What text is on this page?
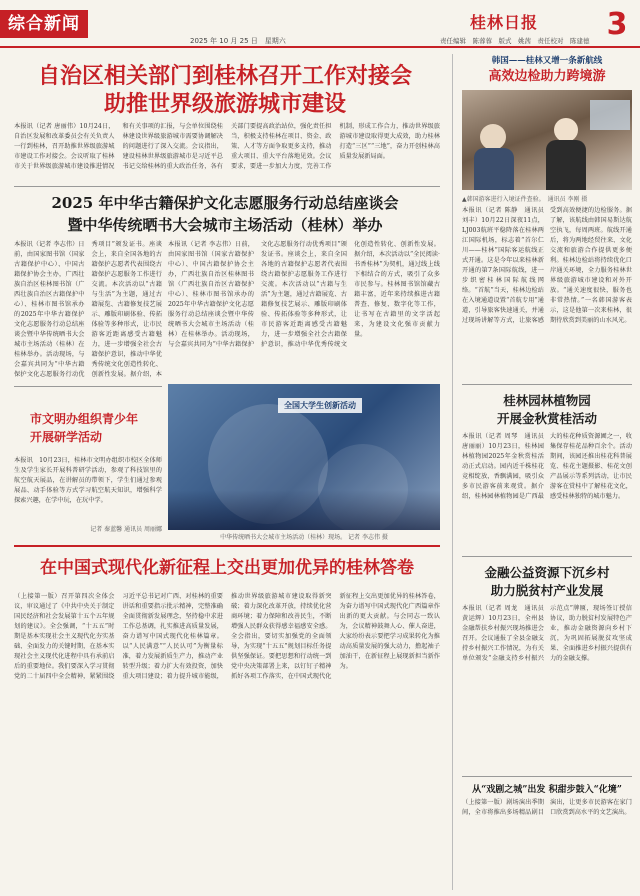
综合新闻
2025 年 10 月 25 日　星期六
桂林日报 3
责任编辑　陈蓉蓉　版式　姚茜　责任校对　陈建德
自治区相关部门到桂林召开工作对接会
助推世界级旅游城市建设
本报讯（记者 唐丽伟）10月24日，自治区发展和改革委员会有关负责人一行到桂林，召开助推世界级旅游城市建设工作对接会。会议听取了桂林市关于世界级旅游城市建设推进情况和有关事项的汇报，与会单位围绕桂林建设世界级旅游城市需要协调解决的问题进行了深入交流。会议指出，建设桂林世界级旅游城市是习近平总书记交给桂林的重大政治任务，各有关部门要提高政治站位，强化责任担当，积极支持桂林在项目、资金、政策、人才等方面争取更多支持，推动重大项目、重大平台落地见效。会议要求，要进一步加大力度，完善工作机制，形成工作合力，推动世界级旅游城市建设取得更大成效，助力桂林打造“三区”“三地”，奋力开创桂林高质量发展新局面。
2025 年中华古籍保护文化志愿服务行动总结座谈会
暨中华传统晒书大会城市主场活动（桂林）举办
本报讯（记者 李志伟）日前，由国家图书馆（国家古籍保护中心）、中国古籍保护协会主办，广西壮族自治区桂林图书馆（广西壮族自治区古籍保护中心）、桂林市图书馆承办的2025年中华古籍保护文化志愿服务行动总结座谈会暨中华传统晒书大会城市主场活动（桂林）在桂林举办。活动现场，与会嘉宾共同为“中华古籍保护文化志愿服务行动优秀项目”颁发证书。座谈会上，来自全国各地的古籍保护志愿者代表围绕古籍保护志愿服务工作进行交流。本次活动以“古籍与生活”为主题，通过古籍展览、古籍修复技艺展示、雕版印刷体验、传拓体验等多种形式，让市民游客近距离感受古籍魅力，进一步增强全社会古籍保护意识，推动中华优秀传统文化创造性转化、创新性发展。据介绍，本
本报讯（记者 李志伟）日前，由国家图书馆（国家古籍保护中心）、中国古籍保护协会主办，广西壮族自治区桂林图书馆（广西壮族自治区古籍保护中心）、桂林市图书馆承办的2025年中华古籍保护文化志愿服务行动总结座谈会暨中华传统晒书大会城市主场活动（桂林）在桂林举办。活动现场，与会嘉宾共同为“中华古籍保护文化志愿服务行动优秀项目”颁发证书。座谈会上，来自全国各地的古籍保护志愿者代表围绕古籍保护志愿服务工作进行交流。本次活动以“古籍与生活”为主题，通过古籍展览、古籍修复技艺展示、雕版印刷体验、传拓体验等多种形式，让市民游客近距离感受古籍魅力，进一步增强全社会古籍保护意识，推动中华优秀传统文化创造性转化、创新性发展。据介绍，本次活动以“全民阅读·书香桂林”为契机，通过线上线下相结合的方式，吸引了众多市民参与。桂林图书馆馆藏古籍丰富，近年来持续推进古籍普查、修复、数字化等工作，让书写在古籍里的文字活起来，为建设文化强市贡献力量。
全国大学生创新活动
中华传统晒书大会城市主场活动（桂林）现场。 记者 李志伟 摄
市文明办组织青少年
开展研学活动
本报讯　10月23日，桂林市文明办组织市校区全体师生及学生家长开展科普研学活动，参观了科技馆里的航空航天展品，在讲解员的带领下，学生们通过参观展品、动手体验等方式学习航空航天知识，增强科学探索兴趣，在学中玩，在玩中学。
记者 秦蓝馨 通讯员 周丽娜
在中国式现代化新征程上交出更加优异的桂林答卷
（上接第一版）召开第四次全体会议，审议通过了《中共中央关于制定国民经济和社会发展第十五个五年规划的建议》。全会强调，“十五五”时期是基本实现社会主义现代化夯实基础、全面发力的关键时期，在基本实现社会主义现代化进程中具有承前启后的重要地位。我们要深入学习贯彻党的二十届四中全会精神，紧紧围绕习近平总书记对广西、对桂林的重要讲话和重要指示批示精神，完整准确全面贯彻新发展理念，坚持稳中求进工作总基调，扎实推进高质量发展，奋力谱写中国式现代化桂林篇章。以“人民满意”“人民认可”为衡量标准，着力发展新质生产力，推动产业转型升级；着力扩大有效投资，加快重大项目建设；着力提升城市能级，推动世界级旅游城市建设取得新突破；着力深化改革开放，持续优化营商环境；着力保障和改善民生，不断增强人民群众获得感幸福感安全感。全会指出，要切实加强党的全面领导，为实现“十五五”规划目标任务提供坚强保证。要把思想和行动统一到党中央决策部署上来，以钉钉子精神抓好各项工作落实，在中国式现代化新征程上交出更加优异的桂林答卷，为奋力谱写中国式现代化广西篇章作出新的更大贡献。与会同志一致认为，会议精神鼓舞人心、催人奋进，大家纷纷表示要把学习成果转化为推动高质量发展的强大动力，撸起袖子加油干，在新征程上展现新担当新作为。
韩国——桂林又增一条新航线
高效边检助力跨境游
▲韩国游客进行入境证件查验。　通讯员 李刚 摄
本报讯（记者 陈静　通讯员 刘丰）10月22日深夜11点，LJ003航班平稳降落在桂林两江国际机场，标志着“首尔仁川——桂林”国际客运航线正式开通。这是今年以来桂林新开通的第7条国际航线，进一步织密桂林国际航线网络。“首航”当天，桂林边检站在入境通道设置“首航专用”通道，引导旅客快速通关，并通过现场讲解等方式，让旅客感受到高效便捷的边检服务。据了解，该航线由韩国易斯达航空执飞，每周两班。航线开通后，将为两地经贸往来、文化交流和旅游合作提供更多便利。桂林边检站将持续优化口岸通关环境，全力服务桂林世界级旅游城市建设和对外开放。“通关速度很快，服务也非常热情。”一名韩国游客表示，这是他第一次来桂林，很期待欣赏到美丽的山水风光。
桂林园林植物园
开展金秋赏桂活动
本报讯（记者 周琴　通讯员 唐丽丽）10月23日，桂林园林植物园2025年金秋赏桂活动正式启动。园内近千株桂花竞相绽放，香飘满园，吸引众多市民游客前来观赏。据介绍，桂林园林植物园是广西最大的桂花种质资源圃之一，收集保存桂花品种百余个。活动期间，该园还推出桂花科普展览、桂花主题摄影、桂花文创产品展示等系列活动，让市民游客在赏桂中了解桂花文化，感受桂林独特的城市魅力。
金融公益资源下沉乡村
助力脱贫村产业发展
本报讯（记者 周龙　通讯员 黄运辉）10月23日，全州县金融帮扶乡村振兴现场推进会召开。会议通报了全县金融支持乡村振兴工作情况，为有关单位颁发“金融支持乡村振兴示范点”牌匾，现场签订授信协议，助力脱贫村发展特色产业，推动金融资源向乡村下沉，为巩固拓展脱贫攻坚成果、全面推进乡村振兴提供有力的金融支撑。
从“戏剧之城”出发 积甜步鼓入“化境”
（上接第一版）剧场演出季期间，全市将推出多场精品剧目演出，让更多市民游客在家门口欣赏到高水平的文艺演出。
